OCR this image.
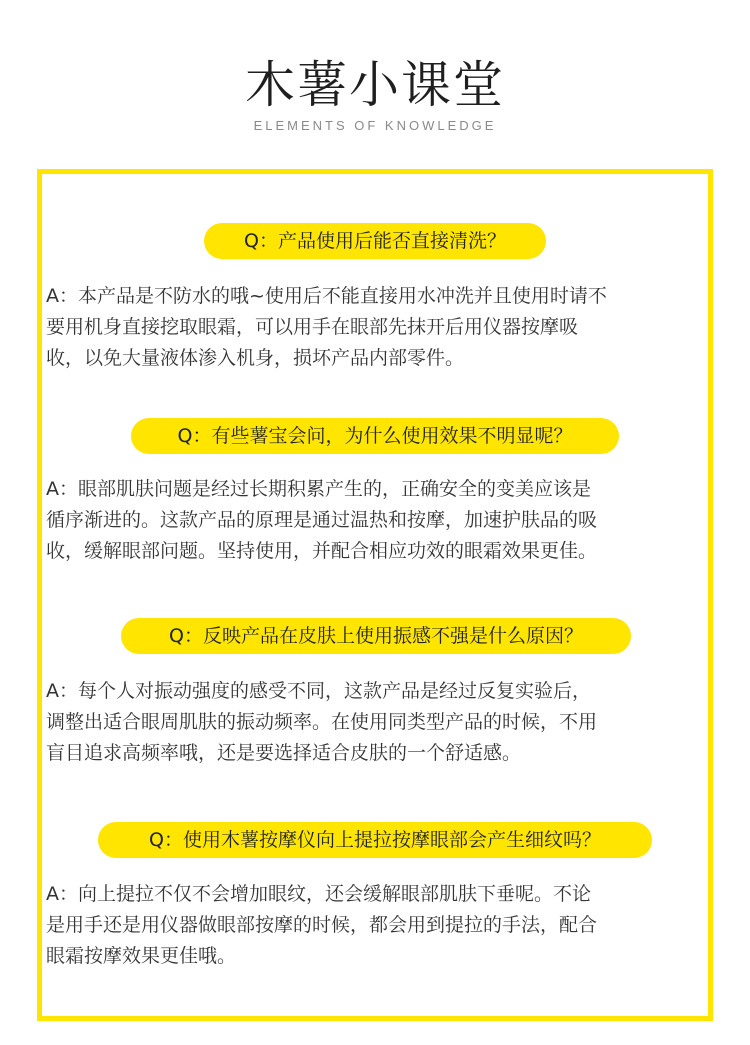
木薯小课堂
ELEMENTS OF KNOWLEDGE
Q：产品使用后能否直接清洗？
A：本产品是不防水的哦~使用后不能直接用水冲洗并且使用时请不
要用机身直接挖取眼霜，可以用手在眼部先抹开后用仪器按摩吸
收，以免大量液体渗入机身，损坏产品内部零件。
Q：有些薯宝会问，为什么使用效果不明显呢？
A：眼部肌肤问题是经过长期积累产生的，正确安全的变美应该是
循序渐进的。这款产品的原理是通过温热和按摩，加速护肤品的吸
收，缓解眼部问题。坚持使用，并配合相应功效的眼霜效果更佳。
Q：反映产品在皮肤上使用振感不强是什么原因？
A：每个人对振动强度的感受不同，这款产品是经过反复实验后，
调整出适合眼周肌肤的振动频率。在使用同类型产品的时候，不用
盲目追求高频率哦，还是要选择适合皮肤的一个舒适感。
Q：使用木薯按摩仪向上提拉按摩眼部会产生细纹吗？
A：向上提拉不仅不会增加眼纹，还会缓解眼部肌肤下垂呢。不论
是用手还是用仪器做眼部按摩的时候，都会用到提拉的手法，配合
眼霜按摩效果更佳哦。
